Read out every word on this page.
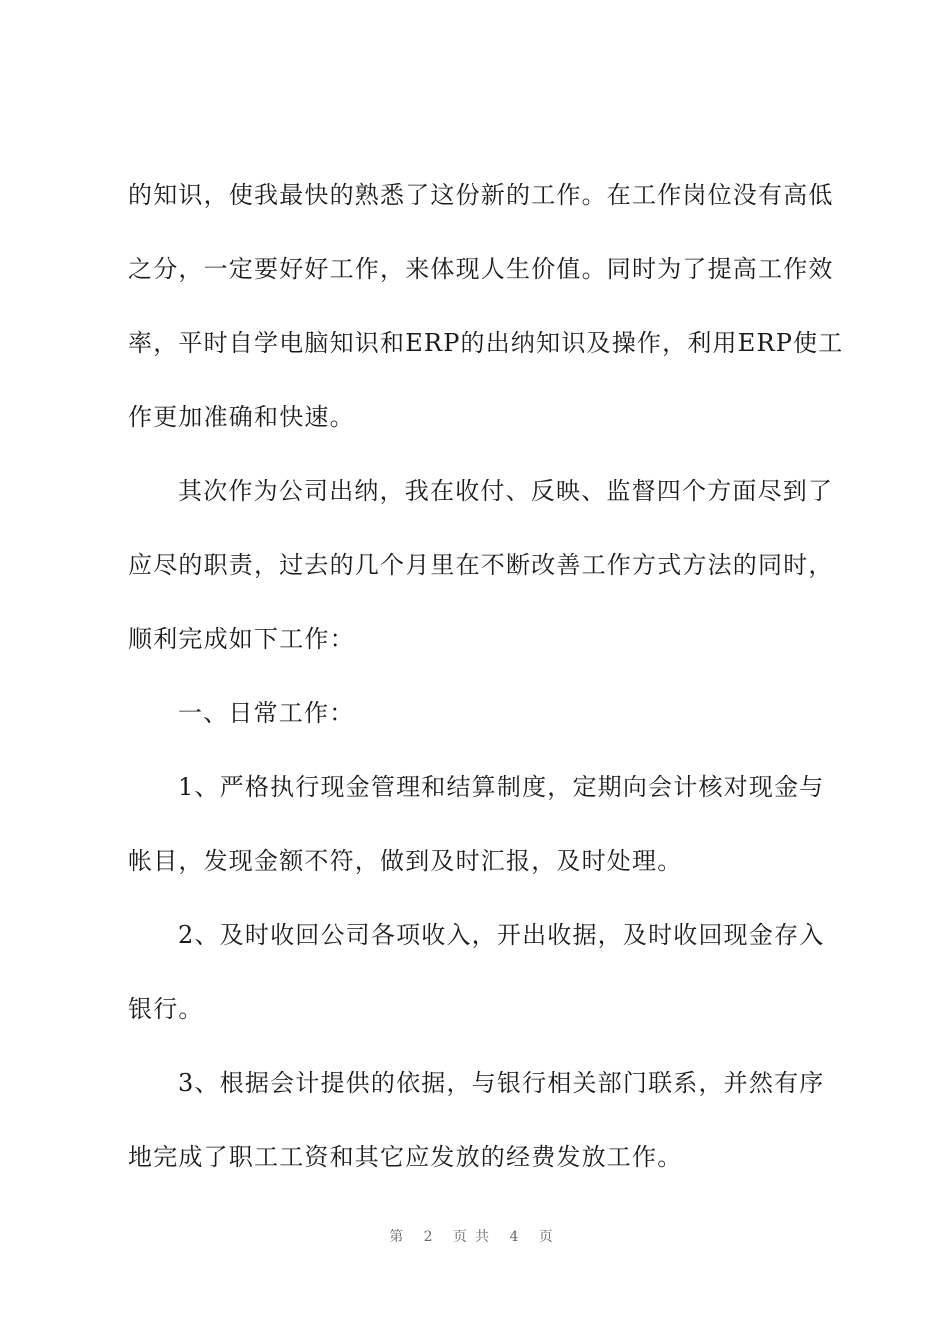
的知识，使我最快的熟悉了这份新的工作。在工作岗位没有高低
之分，一定要好好工作，来体现人生价值。同时为了提高工作效
率，平时自学电脑知识和ERP的出纳知识及操作，利用ERP使工
作更加准确和快速。
其次作为公司出纳，我在收付、反映、监督四个方面尽到了
应尽的职责，过去的几个月里在不断改善工作方式方法的同时，
顺利完成如下工作：
一、日常工作：
1、严格执行现金管理和结算制度，定期向会计核对现金与
帐目，发现金额不符，做到及时汇报，及时处理。
2、及时收回公司各项收入，开出收据，及时收回现金存入
银行。
3、根据会计提供的依据，与银行相关部门联系，并然有序
地完成了职工工资和其它应发放的经费发放工作。
第 2 页共 4 页
